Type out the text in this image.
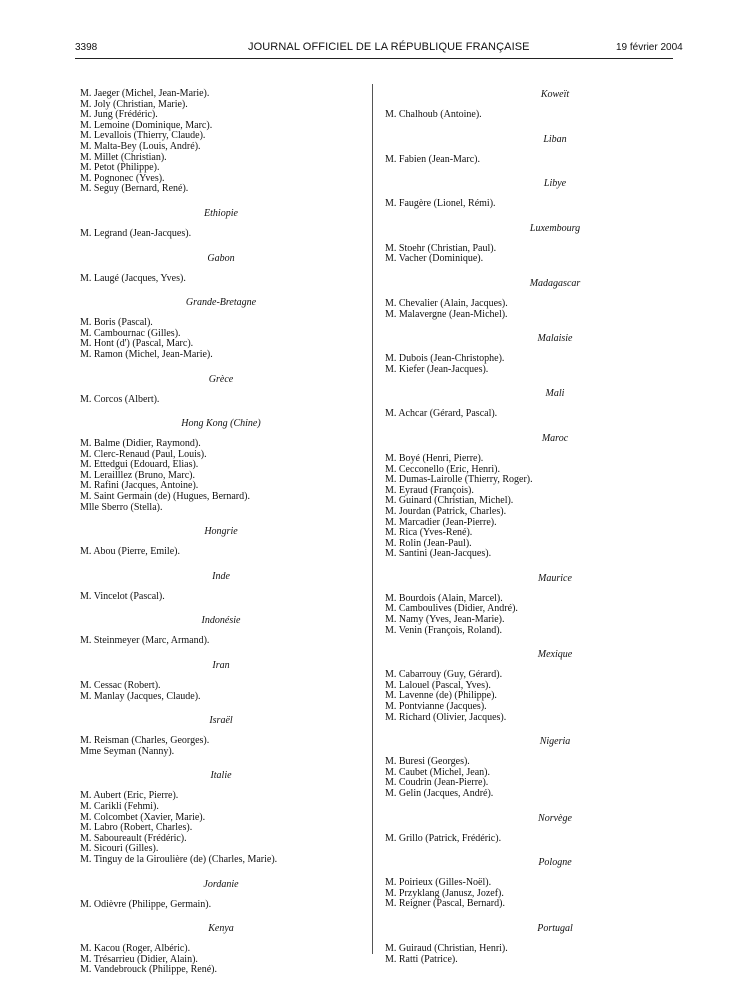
3398	JOURNAL OFFICIEL DE LA RÉPUBLIQUE FRANÇAISE	19 février 2004
M. Jaeger (Michel, Jean-Marie).
M. Joly (Christian, Marie).
M. Jung (Frédéric).
M. Lemoine (Dominique, Marc).
M. Levallois (Thierry, Claude).
M. Malta-Bey (Louis, André).
M. Millet (Christian).
M. Petot (Philippe).
M. Pognonec (Yves).
M. Seguy (Bernard, René).
Ethiopie
M. Legrand (Jean-Jacques).
Gabon
M. Laugé (Jacques, Yves).
Grande-Bretagne
M. Boris (Pascal).
M. Cambournac (Gilles).
M. Hont (d') (Pascal, Marc).
M. Ramon (Michel, Jean-Marie).
Grèce
M. Corcos (Albert).
Hong Kong (Chine)
M. Balme (Didier, Raymond).
M. Clerc-Renaud (Paul, Louis).
M. Ettedgui (Edouard, Elias).
M. Lerailllez (Bruno, Marc).
M. Rafini (Jacques, Antoine).
M. Saint Germain (de) (Hugues, Bernard).
Mlle Sberro (Stella).
Hongrie
M. Abou (Pierre, Emile).
Inde
M. Vincelot (Pascal).
Indonésie
M. Steinmeyer (Marc, Armand).
Iran
M. Cessac (Robert).
M. Manlay (Jacques, Claude).
Israël
M. Reisman (Charles, Georges).
Mme Seyman (Nanny).
Italie
M. Aubert (Eric, Pierre).
M. Carikli (Fehmi).
M. Colcombet (Xavier, Marie).
M. Labro (Robert, Charles).
M. Saboureault (Frédéric).
M. Sicouri (Gilles).
M. Tinguy de la Giroulière (de) (Charles, Marie).
Jordanie
M. Odièvre (Philippe, Germain).
Kenya
M. Kacou (Roger, Albéric).
M. Trésarrieu (Didier, Alain).
M. Vandebrouck (Philippe, René).
Koweït
M. Chalhoub (Antoine).
Liban
M. Fabien (Jean-Marc).
Libye
M. Faugère (Lionel, Rémi).
Luxembourg
M. Stoehr (Christian, Paul).
M. Vacher (Dominique).
Madagascar
M. Chevalier (Alain, Jacques).
M. Malavergne (Jean-Michel).
Malaisie
M. Dubois (Jean-Christophe).
M. Kiefer (Jean-Jacques).
Mali
M. Achcar (Gérard, Pascal).
Maroc
M. Boyé (Henri, Pierre).
M. Cecconello (Eric, Henri).
M. Dumas-Lairolle (Thierry, Roger).
M. Eyraud (François).
M. Guinard (Christian, Michel).
M. Jourdan (Patrick, Charles).
M. Marcadier (Jean-Pierre).
M. Rica (Yves-René).
M. Rolin (Jean-Paul).
M. Santini (Jean-Jacques).
Maurice
M. Bourdois (Alain, Marcel).
M. Camboulives (Didier, André).
M. Namy (Yves, Jean-Marie).
M. Venin (François, Roland).
Mexique
M. Cabarrouy (Guy, Gérard).
M. Lalouel (Pascal, Yves).
M. Lavenne (de) (Philippe).
M. Pontvianne (Jacques).
M. Richard (Olivier, Jacques).
Nigeria
M. Buresi (Georges).
M. Caubet (Michel, Jean).
M. Coudrin (Jean-Pierre).
M. Gelin (Jacques, André).
Norvège
M. Grillo (Patrick, Frédéric).
Pologne
M. Poirieux (Gilles-Noël).
M. Przyklang (Janusz, Jozef).
M. Reigner (Pascal, Bernard).
Portugal
M. Guiraud (Christian, Henri).
M. Ratti (Patrice).
